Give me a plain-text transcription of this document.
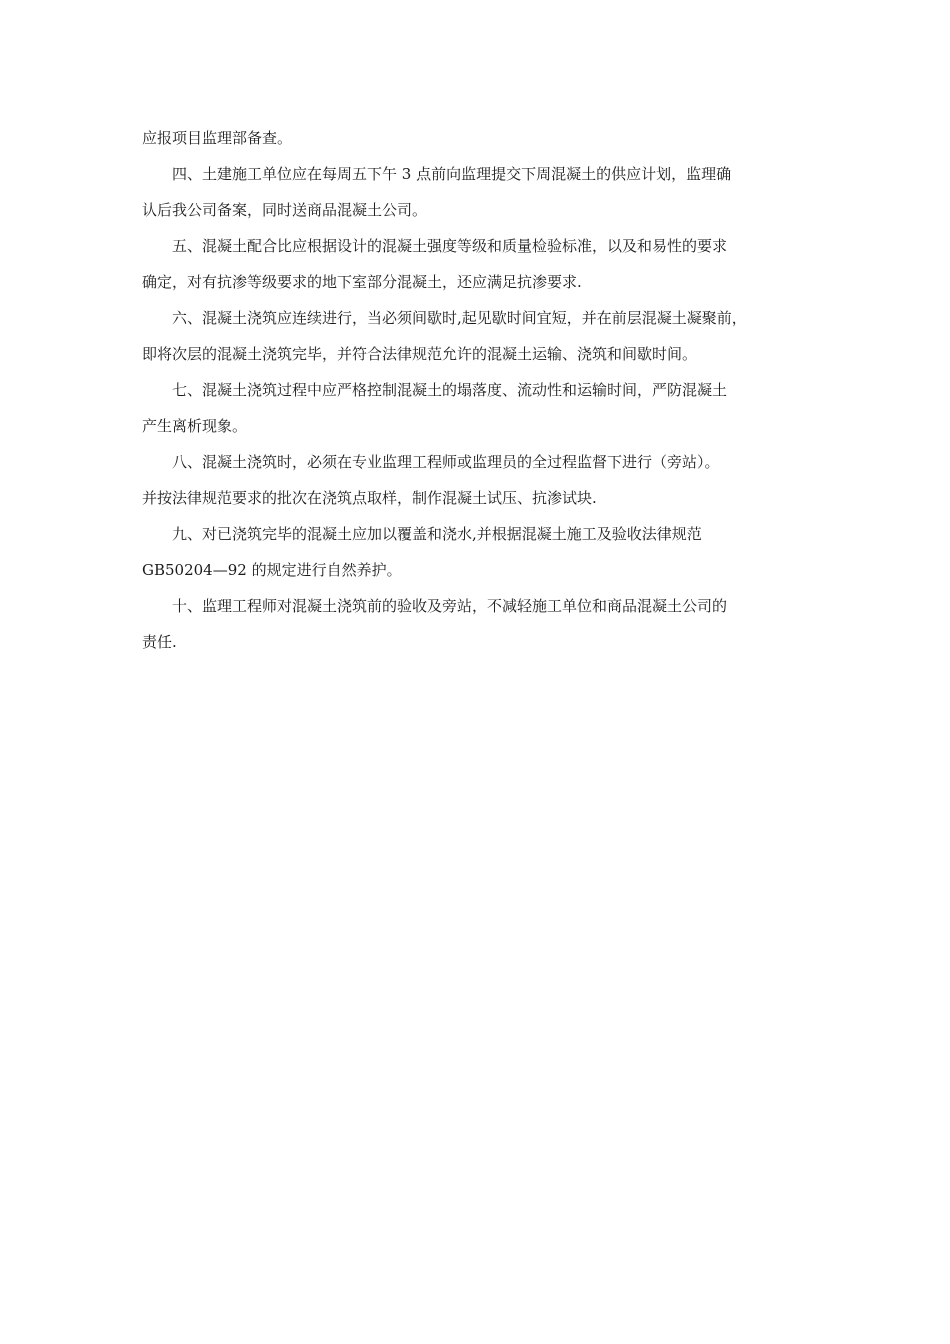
应报项目监理部备查。
四、土建施工单位应在每周五下午 3 点前向监理提交下周混凝土的供应计划，监理确
认后我公司备案，同时送商品混凝土公司。
五、混凝土配合比应根据设计的混凝土强度等级和质量检验标准，以及和易性的要求
确定，对有抗渗等级要求的地下室部分混凝土，还应满足抗渗要求.
六、混凝土浇筑应连续进行，当必须间歇时,起见歇时间宜短，并在前层混凝土凝聚前，
即将次层的混凝土浇筑完毕，并符合法律规范允许的混凝土运输、浇筑和间歇时间。
七、混凝土浇筑过程中应严格控制混凝土的塌落度、流动性和运输时间，严防混凝土
产生离析现象。
八、混凝土浇筑时，必须在专业监理工程师或监理员的全过程监督下进行（旁站）。
并按法律规范要求的批次在浇筑点取样，制作混凝土试压、抗渗试块.
九、对已浇筑完毕的混凝土应加以覆盖和浇水,并根据混凝土施工及验收法律规范
GB50204—92 的规定进行自然养护。
十、监理工程师对混凝土浇筑前的验收及旁站，不减轻施工单位和商品混凝土公司的
责任.
